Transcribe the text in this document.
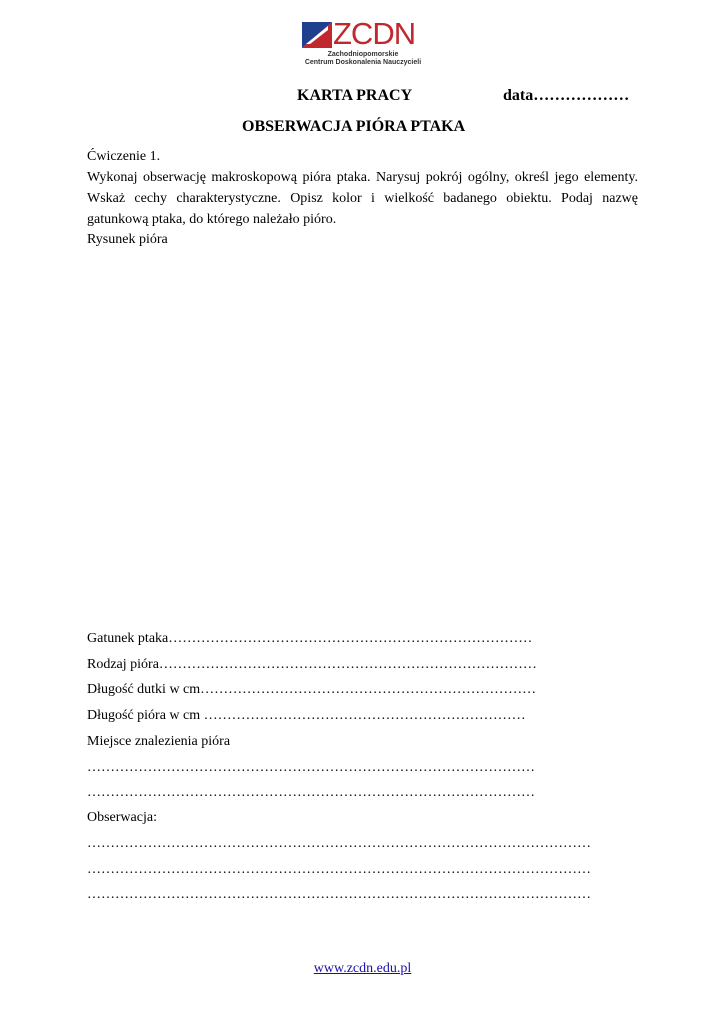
ZCDN
Zachodniopomorskie
Centrum Doskonalenia Nauczycieli
KARTA PRACY	data………………
OBSERWACJA PIÓRA PTAKA
Ćwiczenie 1.
Wykonaj obserwację makroskopową pióra ptaka. Narysuj pokrój ogólny, określ jego elementy. Wskaż cechy charakterystyczne. Opisz kolor i wielkość badanego obiektu. Podaj nazwę gatunkową ptaka, do którego należało pióro.
Rysunek pióra
Gatunek ptaka……………………………………………………………………
Rodzaj pióra………………………………………………………………………
Długość dutki w cm………………………………………………………………
Długość pióra w cm ……………………………………………………………
Miejsce znalezienia pióra
……………………………………………………………………………………
……………………………………………………………………………………
Obserwacja:
………………………………………………………………………………………………
………………………………………………………………………………………………
………………………………………………………………………………………………
www.zcdn.edu.pl
